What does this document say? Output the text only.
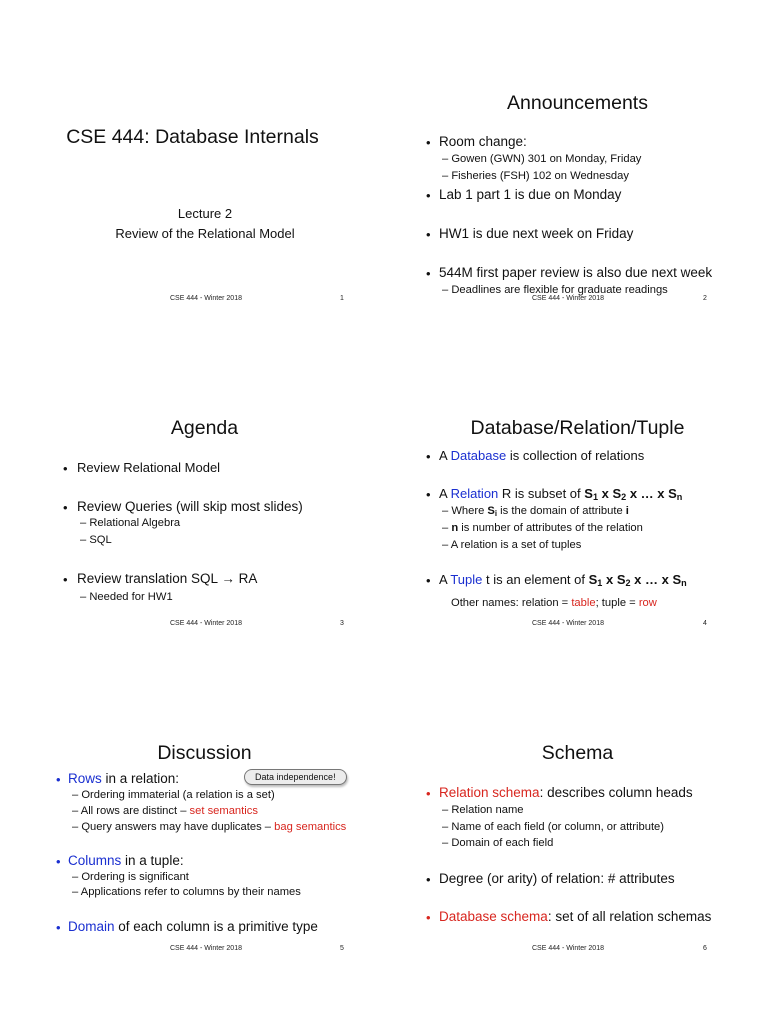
CSE 444: Database Internals
Lecture 2
Review of the Relational Model
CSE 444 - Winter 2018	1
Announcements
• Room change:
– Gowen (GWN) 301 on Monday, Friday
– Fisheries (FSH) 102 on Wednesday
• Lab 1 part 1 is due on Monday
• HW1 is due next week on Friday
• 544M first paper review is also due next week
– Deadlines are flexible for graduate readings
CSE 444 - Winter 2018	2
Agenda
• Review Relational Model
• Review Queries (will skip most slides)
– Relational Algebra
– SQL
• Review translation SQL → RA
– Needed for HW1
CSE 444 - Winter 2018	3
Database/Relation/Tuple
• A Database is collection of relations
• A Relation R is subset of $S_1$ x $S_2$ x … x $S_n$
– Where $S_i$ is the domain of attribute i
– n is number of attributes of the relation
– A relation is a set of tuples
• A Tuple t is an element of $S_1$ x $S_2$ x … x $S_n$
Other names: relation = table; tuple = row
CSE 444 - Winter 2018	4
Discussion
Data independence!
• Rows in a relation:
– Ordering immaterial (a relation is a set)
– All rows are distinct – set semantics
– Query answers may have duplicates – bag semantics
• Columns in a tuple:
– Ordering is significant
– Applications refer to columns by their names
• Domain of each column is a primitive type
CSE 444 - Winter 2018	5
Schema
• Relation schema: describes column heads
– Relation name
– Name of each field (or column, or attribute)
– Domain of each field
• Degree (or arity) of relation: # attributes
• Database schema: set of all relation schemas
CSE 444 - Winter 2018	6
